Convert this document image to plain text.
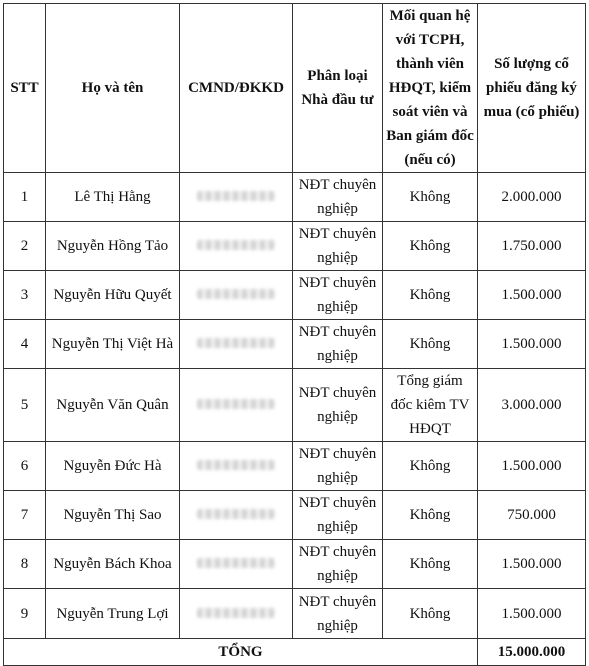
STT	Họ và tên	CMND/ĐKKD	Phân loại Nhà đầu tư	Mối quan hệ với TCPH, thành viên HĐQT, kiểm soát viên và Ban giám đốc (nếu có)	Số lượng cổ phiếu đăng ký mua (cổ phiếu)
1	Lê Thị Hằng		NĐT chuyên nghiệp	Không	2.000.000
2	Nguyễn Hồng Tảo		NĐT chuyên nghiệp	Không	1.750.000
3	Nguyễn Hữu Quyết		NĐT chuyên nghiệp	Không	1.500.000
4	Nguyễn Thị Việt Hà		NĐT chuyên nghiệp	Không	1.500.000
5	Nguyễn Văn Quân		NĐT chuyên nghiệp	Tổng giám đốc kiêm TV HĐQT	3.000.000
6	Nguyễn Đức Hà		NĐT chuyên nghiệp	Không	1.500.000
7	Nguyễn Thị Sao		NĐT chuyên nghiệp	Không	750.000
8	Nguyễn Bách Khoa		NĐT chuyên nghiệp	Không	1.500.000
9	Nguyễn Trung Lợi		NĐT chuyên nghiệp	Không	1.500.000
TỔNG					15.000.000
